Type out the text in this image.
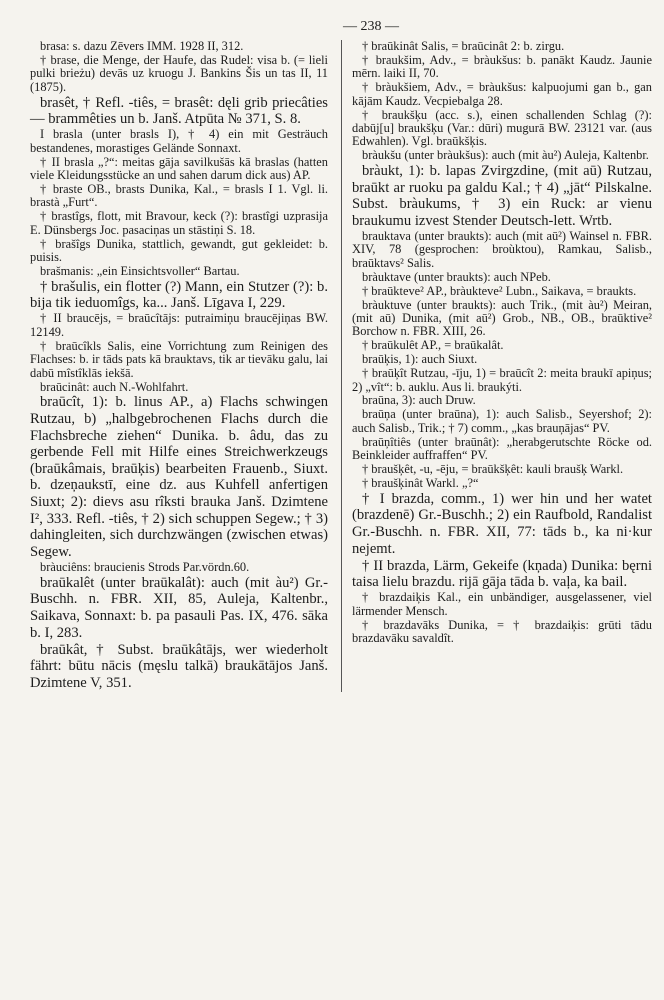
— 238 —

brasa: s. dazu Zēvers IMM. 1928 II, 312.

† brase, die Menge, der Haufe, das Rudel: visa b. (= lieli pulki brieżu) devās uz kruogu J. Bankins Šis un tas II, 11 (1875).

brasêt, † Refl. -tiês, = brasêt: dęli grib priecâties — brammêties un b. Janš. Atpūta № 371, S. 8.

I brasla (unter brasls I), † 4) ein mit Gesträuch bestandenes, morastiges Gelände Sonnaxt.

† II brasla „?“: meitas gāja savilkušās kā braslas (hatten viele Kleidungsstücke an und sahen darum dick aus) AP.

† braste OB., brasts Dunika, Kal., = brasls I 1. Vgl. li. brastà „Furt“.

† brastîgs, flott, mit Bravour, keck (?): brastîgi uzprasija E. Dünsbergs Joc. pasaciņas un stāstiņi S. 18.

† brašîgs Dunika, stattlich, gewandt, gut gekleidet: b. puisis.

brašmanis: „ein Einsichtsvoller“ Bartau.

† brašulis, ein flotter (?) Mann, ein Stutzer (?): b. bija tik ieduomîgs, ka... Janš. Līgava I, 229.

† II braucējs, = braūcîtājs: putraimiņu braucējiņas BW. 12149.

† braūcîkls Salis, eine Vorrichtung zum Reinigen des Flachses: b. ir tāds pats kā brauktavs, tik ar tievāku galu, lai dabū mîstîklās iekšā.

braūcinât: auch N.-Wohlfahrt.

braūcît, 1): b. linus AP., a) Flachs schwingen Rutzau, b) „halbgebrochenen Flachs durch die Flachsbreche ziehen“ Dunika. b. âdu, das zu gerbende Fell mit Hilfe eines Streichwerkzeugs (braūkâmais, braūķis) bearbeiten Frauenb., Siuxt. b. dzeņaukstī, eine dz. aus Kuhfell anfertigen Siuxt; 2): dievs asu rîksti brauka Janš. Dzimtene I², 333. Refl. -tiês, † 2) sich schuppen Segew.; † 3) dahingleiten, sich durchzwängen (zwischen etwas) Segew.

bràuciêns: braucienis Strods Par.vördn.60.

braūkalêt (unter braūkalât): auch (mit àu²) Gr.-Buschh. n. FBR. XII, 85, Auleja, Kaltenbr., Saikava, Sonnaxt: b. pa pasauli Pas. IX, 476. sāka b. I, 283.

braūkât, † Subst. braūkâtājs, wer wiederholt fährt: būtu nācis (męslu talkā) braukātājos Janš. Dzimtene V, 351.

† braūkinât Salis, = braūcinât 2: b. zirgu.

† braukšim, Adv., = bràukšus: b. panākt Kaudz. Jaunie mērn. laiki II, 70.

† bràukšiem, Adv., = bràukšus: kalpuojumi gan b., gan kājām Kaudz. Vecpiebalga 28.

† braukšķu (acc. s.), einen schallenden Schlag (?): dabūj[u] braukšķu (Var.: dūri) mugurā BW. 23121 var. (aus Edwahlen). Vgl. braūkšķis.

bràukšu (unter bràukšus): auch (mit àu²) Auleja, Kaltenbr.

bràukt, 1): b. lapas Zvirgzdine, (mit aū) Rutzau, braūkt ar ruoku pa galdu Kal.; † 4) „jāt“ Pilskalne. Subst. bràukums, † 3) ein Ruck: ar vienu braukumu izvest Stender Deutsch-lett. Wrtb.

brauktava (unter braukts): auch (mit aū²) Wainsel n. FBR. XIV, 78 (gesprochen: broùktou), Ramkau, Salisb., braūktavs² Salis.

bràuktave (unter braukts): auch NPeb.

† braūkteve² AP., bràukteve² Lubn., Saikava, = braukts.

bràuktuve (unter braukts): auch Trik., (mit àu²) Meiran, (mit aū) Dunika, (mit aū²) Grob., NB., OB., braūktive² Borchow n. FBR. XIII, 26.

† braūkulêt AP., = braūkalât.

braūķis, 1): auch Siuxt.

† braūķît Rutzau, -īju, 1) = braūcît 2: meita braukī apiņus; 2) „vît“: b. auklu. Aus li. braukýti.

braūna, 3): auch Druw.

braūņa (unter braūna), 1): auch Salisb., Seyershof; 2): auch Salisb., Trik.; † 7) comm., „kas brauņājas“ PV.

braūņîtiês (unter braūnât): „herabgerutschte Röcke od. Beinkleider auffraffen“ PV.

† braušķêt, -u, -ēju, = braūkšķêt: kauli braušķ Warkl.

† braušķinât Warkl. „?“

† I brazda, comm., 1) wer hin und her watet (brazdenē) Gr.-Buschh.; 2) ein Raufbold, Randalist Gr.-Buschh. n. FBR. XII, 77: tāds b., ka ni·kur nejemt.

† II brazda, Lärm, Gekeife (kņada) Dunika: bęrni taisa lielu brazdu. rijā gāja tāda b. vaļa, ka bail.

† brazdaiķis Kal., ein unbändiger, ausgelassener, viel lärmender Mensch.

† brazdavāks Dunika, = † brazdaiķis: grūti tādu brazdavāku savaldît.
